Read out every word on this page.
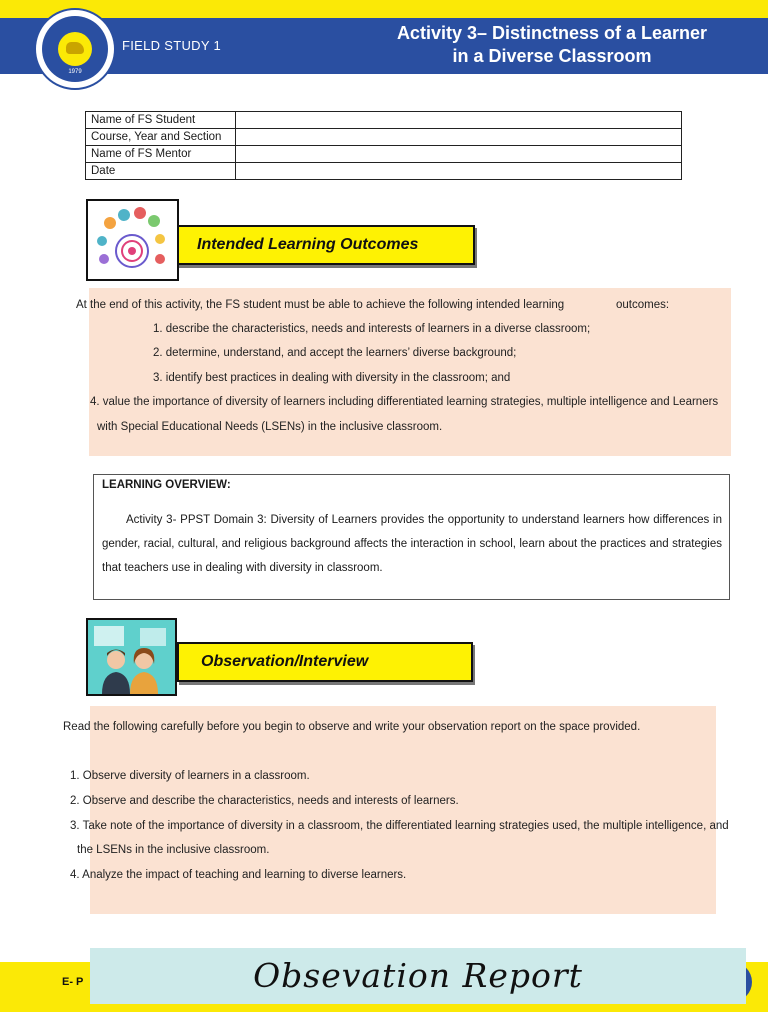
1979
FIELD STUDY 1
Activity 3– Distinctness of a Learner
in a Diverse Classroom
Name of FS Student	
Course, Year and Section	
Name of FS Mentor	
Date	
Intended Learning Outcomes
At the end of this activity, the FS student must be able to achieve the following intended learning	outcomes:
1. describe the characteristics, needs and interests of learners in a diverse classroom;
2. determine, understand, and accept the learners’ diverse background;
3. identify best practices in dealing with diversity in the classroom; and
4. value the importance of diversity of learners including differentiated learning strategies, multiple intelligence and Learners
with Special Educational Needs (LSENs) in the inclusive classroom.
LEARNING OVERVIEW:
Activity 3- PPST Domain 3: Diversity of Learners provides the opportunity to understand learners how differences in gender, racial, cultural, and religious background affects the interaction in school, learn about the practices and strategies that teachers use in dealing with diversity in classroom.
Observation/Interview
Read the following carefully before you begin to observe and write your observation report on the space provided.
1. Observe diversity of learners in a classroom.
2. Observe and describe the characteristics, needs and interests of learners.
3. Take note of the importance of diversity in a classroom, the differentiated learning strategies used, the multiple intelligence, and
the LSENs in the inclusive classroom.
4. Analyze the impact of teaching and learning to diverse learners.
E- P	Obsevation Report
